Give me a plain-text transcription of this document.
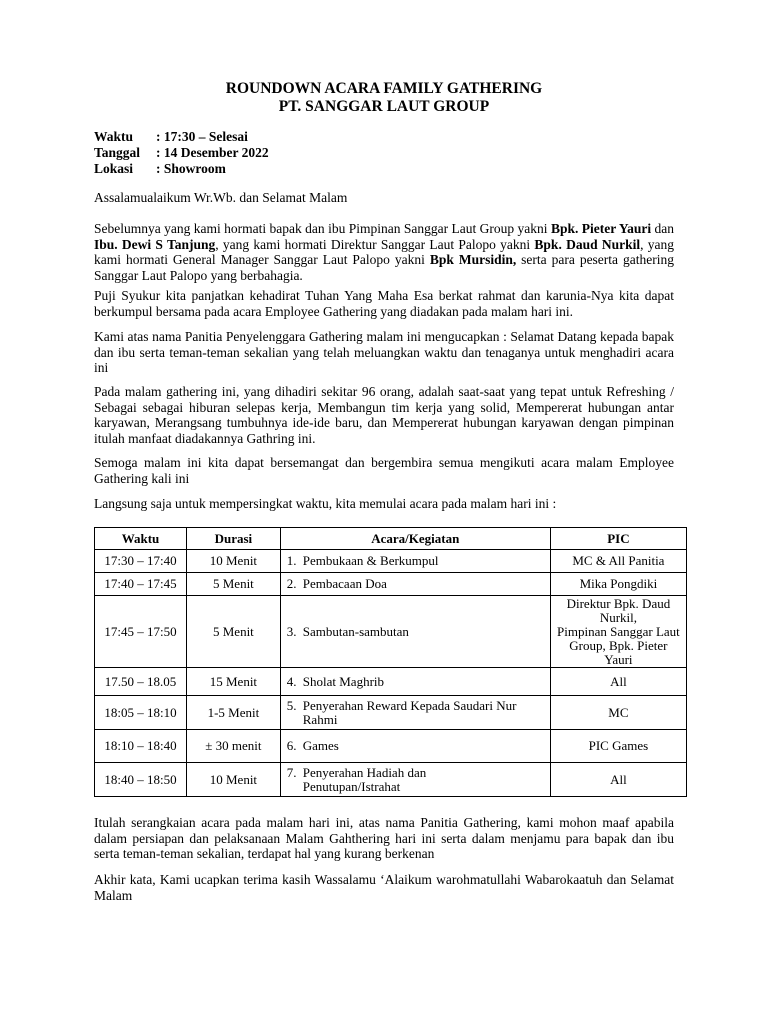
ROUNDOWN ACARA FAMILY GATHERING
PT. SANGGAR LAUT GROUP
Waktu	: 17:30 – Selesai
Tanggal	: 14 Desember 2022
Lokasi	: Showroom

Assalamualaikum Wr.Wb. dan Selamat Malam

Sebelumnya yang kami hormati bapak dan ibu Pimpinan Sanggar Laut Group yakni Bpk. Pieter Yauri dan Ibu. Dewi S Tanjung, yang kami hormati Direktur Sanggar Laut Palopo yakni Bpk. Daud Nurkil, yang kami hormati General Manager Sanggar Laut Palopo yakni Bpk Mursidin, serta para peserta gathering Sanggar Laut Palopo yang berbahagia.

Puji Syukur kita panjatkan kehadirat Tuhan Yang Maha Esa berkat rahmat dan karunia-Nya kita dapat berkumpul bersama pada acara Employee Gathering yang diadakan pada malam hari ini.

Kami atas nama Panitia Penyelenggara Gathering malam ini mengucapkan : Selamat Datang kepada bapak dan ibu serta teman-teman sekalian yang telah meluangkan waktu dan tenaganya untuk menghadiri acara ini

Pada malam gathering ini, yang dihadiri sekitar 96 orang, adalah saat-saat yang tepat untuk Refreshing / Sebagai sebagai hiburan selepas kerja, Membangun tim kerja yang solid, Mempererat hubungan antar karyawan, Merangsang tumbuhnya ide-ide baru, dan Mempererat hubungan karyawan dengan pimpinan itulah manfaat diadakannya Gathring ini.

Semoga malam ini kita dapat bersemangat dan bergembira semua mengikuti acara malam Employee Gathering kali ini

Langsung saja untuk mempersingkat waktu, kita memulai acara pada malam hari ini :

Waktu	Durasi	Acara/Kegiatan	PIC
17:30 – 17:40	10 Menit	1. Pembukaan & Berkumpul	MC & All Panitia
17:40 – 17:45	5 Menit	2. Pembacaan Doa	Mika Pongdiki
17:45 – 17:50	5 Menit	3. Sambutan-sambutan	Direktur Bpk. Daud
Nurkil,
Pimpinan Sanggar Laut
Group, Bpk. Pieter
Yauri

17.50 – 18.05	15 Menit	4. Sholat Maghrib	All
18:05 – 18:10	1-5 Menit	5. Penyerahan Reward Kepada Saudari Nur Rahmi	MC
18:10 – 18:40	± 30 menit	6. Games	PIC Games
18:40 – 18:50	10 Menit	7. Penyerahan Hadiah dan Penutupan/Istrahat	All

Itulah serangkaian acara pada malam hari ini, atas nama Panitia Gathering, kami mohon maaf apabila dalam persiapan dan pelaksanaan Malam Gahthering hari ini serta dalam menjamu para bapak dan ibu serta teman-teman sekalian, terdapat hal yang kurang berkenan

Akhir kata, Kami ucapkan terima kasih Wassalamu ‘Alaikum warohmatullahi Wabarokaatuh dan Selamat Malam
